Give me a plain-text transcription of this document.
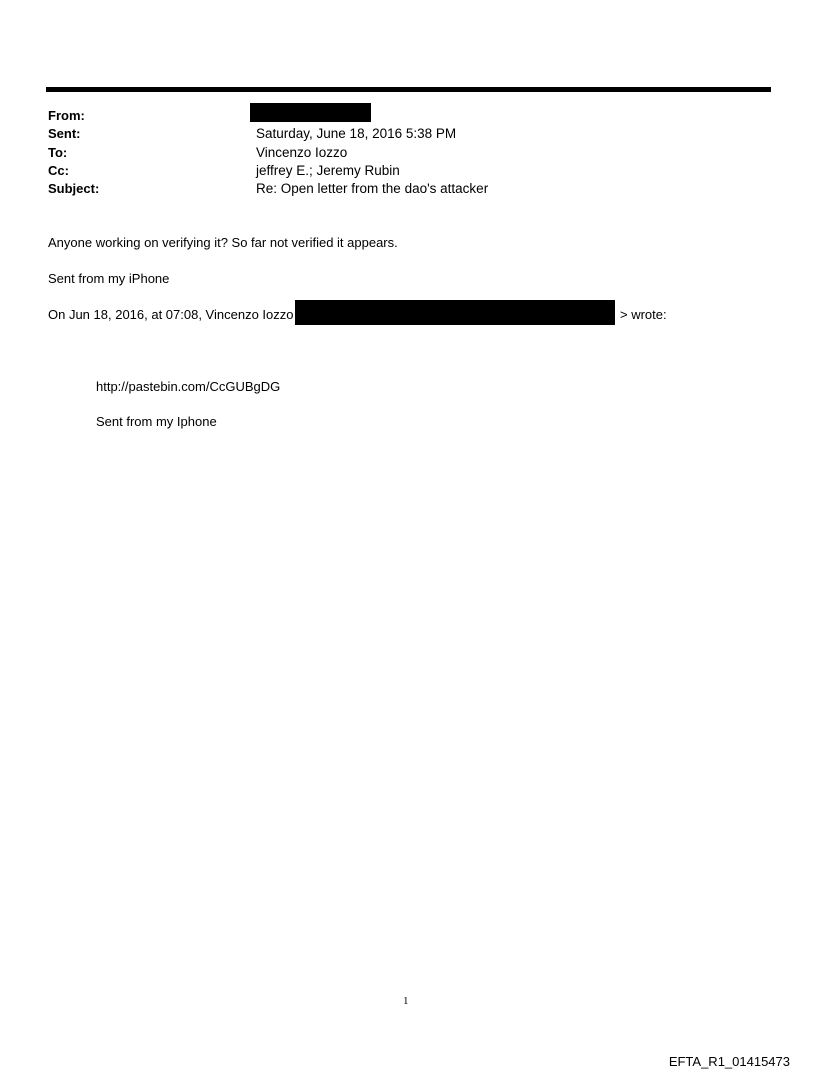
From:
Sent:	Saturday, June 18, 2016 5:38 PM
To:	Vincenzo Iozzo
Cc:	jeffrey E.; Jeremy Rubin
Subject:	Re: Open letter from the dao's attacker
Anyone working on verifying it? So far not verified it appears.
Sent from my iPhone
On Jun 18, 2016, at 07:08, Vincenzo Iozzo	> wrote:
http://pastebin.com/CcGUBgDG
Sent from my Iphone
1
EFTA_R1_01415473
